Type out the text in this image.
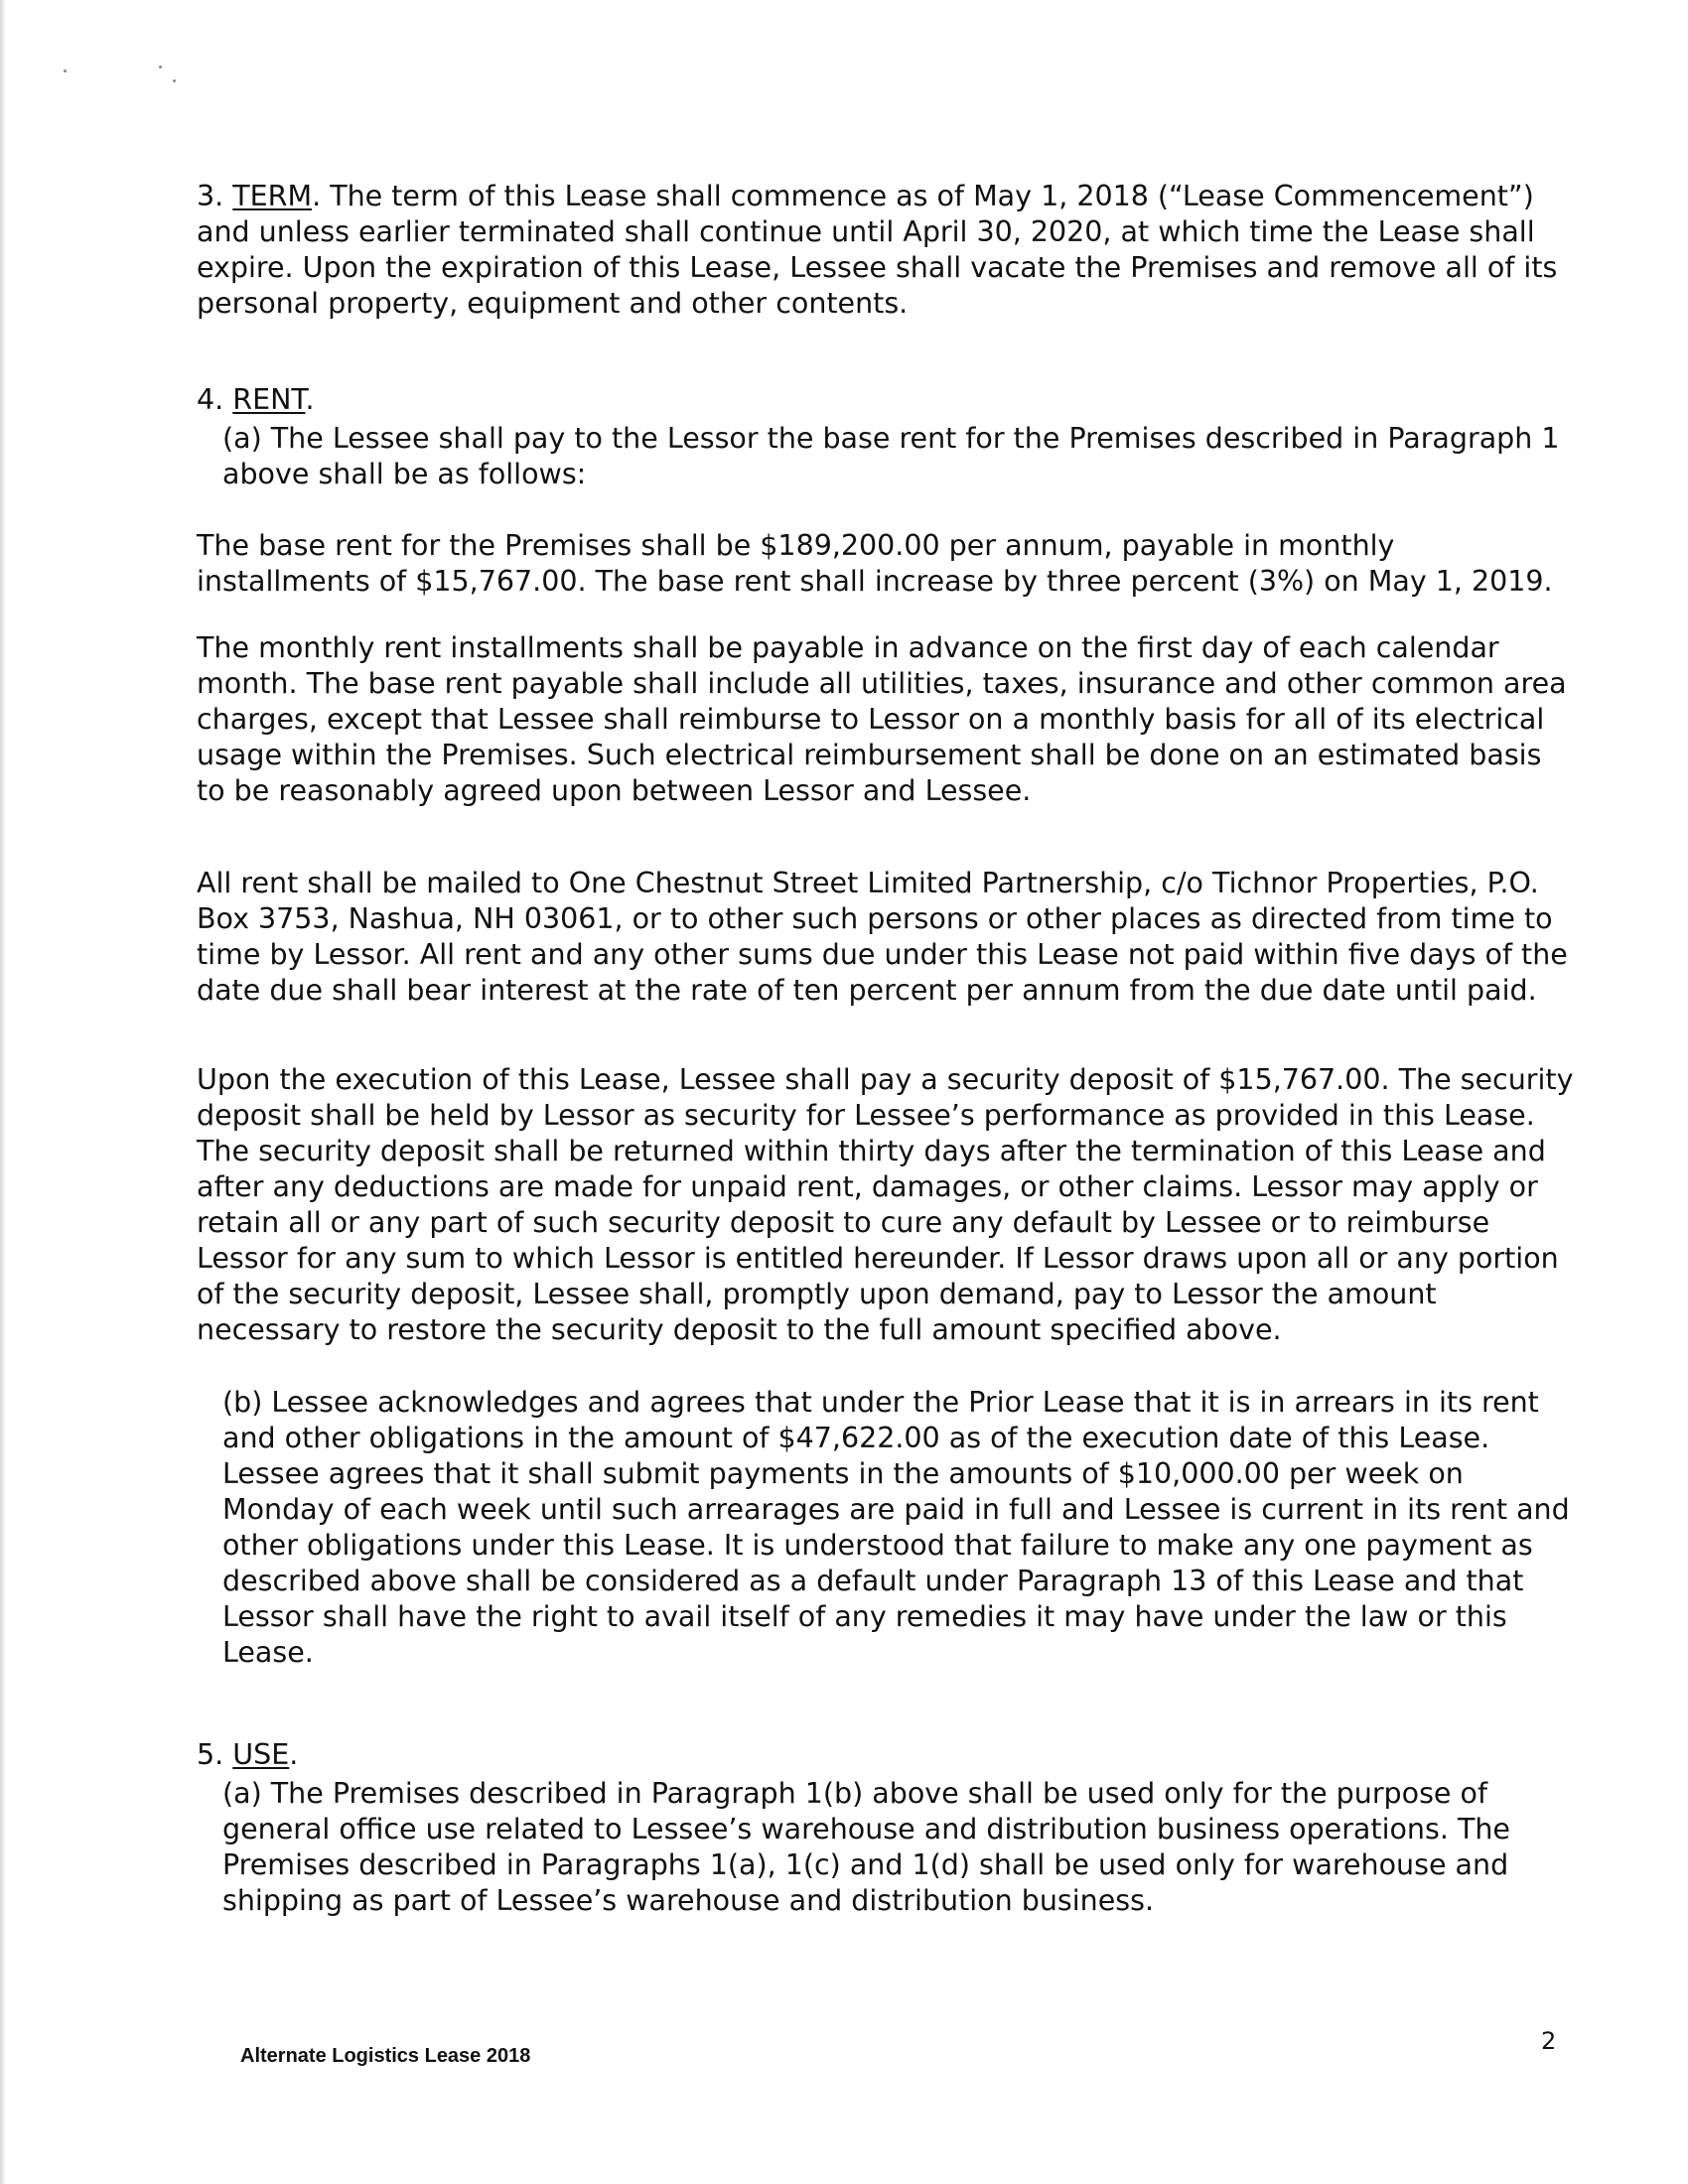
3. TERM. The term of this Lease shall commence as of May 1, 2018 (“Lease Commencement”) and unless earlier terminated shall continue until April 30, 2020, at which time the Lease shall expire. Upon the expiration of this Lease, Lessee shall vacate the Premises and remove all of its personal property, equipment and other contents.

4. RENT.

(a) The Lessee shall pay to the Lessor the base rent for the Premises described in Paragraph 1 above shall be as follows:

The base rent for the Premises shall be $189,200.00 per annum, payable in monthly installments of $15,767.00. The base rent shall increase by three percent (3%) on May 1, 2019.

The monthly rent installments shall be payable in advance on the first day of each calendar month. The base rent payable shall include all utilities, taxes, insurance and other common area charges, except that Lessee shall reimburse to Lessor on a monthly basis for all of its electrical usage within the Premises. Such electrical reimbursement shall be done on an estimated basis to be reasonably agreed upon between Lessor and Lessee.

All rent shall be mailed to One Chestnut Street Limited Partnership, c/o Tichnor Properties, P.O. Box 3753, Nashua, NH 03061, or to other such persons or other places as directed from time to time by Lessor. All rent and any other sums due under this Lease not paid within five days of the date due shall bear interest at the rate of ten percent per annum from the due date until paid.

Upon the execution of this Lease, Lessee shall pay a security deposit of $15,767.00. The security deposit shall be held by Lessor as security for Lessee’s performance as provided in this Lease. The security deposit shall be returned within thirty days after the termination of this Lease and after any deductions are made for unpaid rent, damages, or other claims. Lessor may apply or retain all or any part of such security deposit to cure any default by Lessee or to reimburse Lessor for any sum to which Lessor is entitled hereunder. If Lessor draws upon all or any portion of the security deposit, Lessee shall, promptly upon demand, pay to Lessor the amount necessary to restore the security deposit to the full amount specified above.

(b) Lessee acknowledges and agrees that under the Prior Lease that it is in arrears in its rent and other obligations in the amount of $47,622.00 as of the execution date of this Lease. Lessee agrees that it shall submit payments in the amounts of $10,000.00 per week on Monday of each week until such arrearages are paid in full and Lessee is current in its rent and other obligations under this Lease. It is understood that failure to make any one payment as described above shall be considered as a default under Paragraph 13 of this Lease and that Lessor shall have the right to avail itself of any remedies it may have under the law or this Lease.

5. USE.

(a) The Premises described in Paragraph 1(b) above shall be used only for the purpose of general office use related to Lessee’s warehouse and distribution business operations. The Premises described in Paragraphs 1(a), 1(c) and 1(d) shall be used only for warehouse and shipping as part of Lessee’s warehouse and distribution business.

Alternate Logistics Lease 2018
2
